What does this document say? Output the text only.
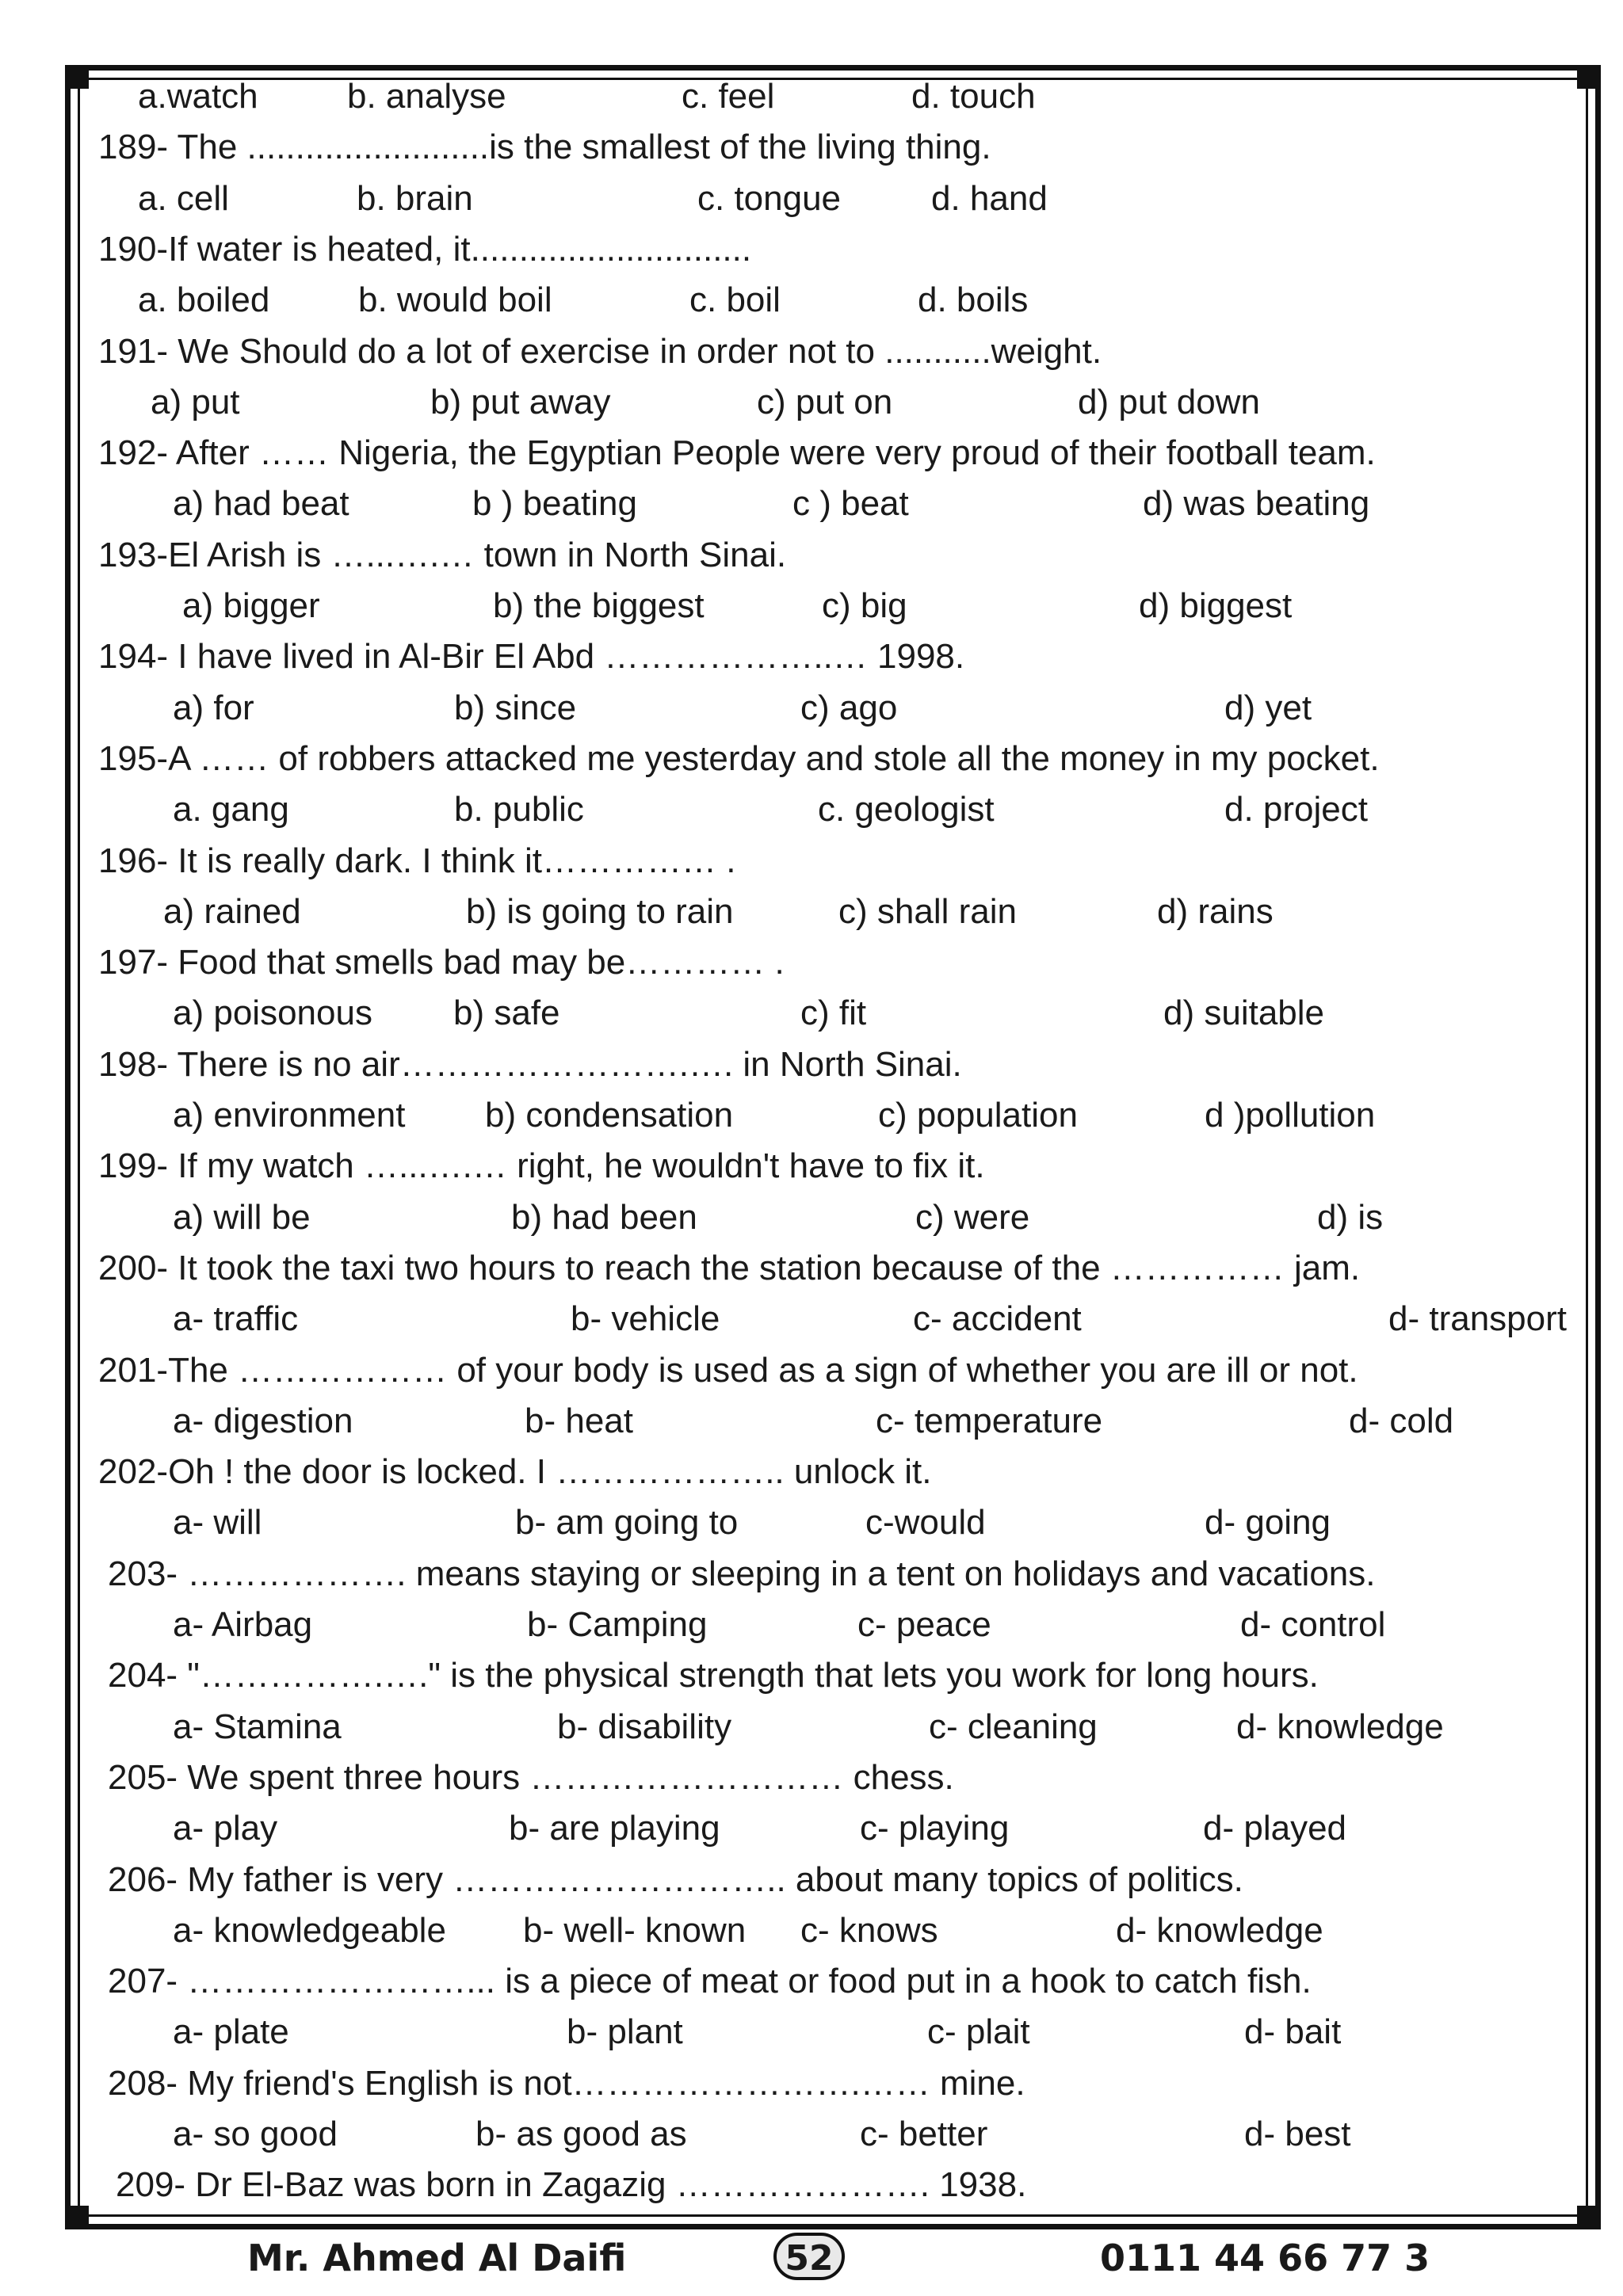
a.watch	b. analyse	c. feel	d. touch
189- The .........................is the smallest of the living thing.
a. cell	b. brain	c. tongue	d. hand
190-If water is heated, it.............................
a. boiled	b. would boil	c. boil	d. boils
191- We Should do a lot of exercise in order not to ...........weight.
a) put	b) put away	c) put on	d) put down
192- After …… Nigeria, the Egyptian People were very proud of their football team.
a) had beat	b ) beating	c ) beat	d) was beating
193-El Arish is …...….… town in North Sinai.
a) bigger	b) the biggest	c) big	d) biggest
194- I have lived in Al-Bir El Abd ………………..… 1998.
a) for	b) since	c) ago	d) yet
195-A …… of robbers attacked me yesterday and stole all the money in my pocket.
a. gang	b. public	c. geologist	d. project
196- It is really dark. I think it…………… .
a) rained	b) is going to rain	c) shall rain	d) rains
197- Food that smells bad may be………… .
a) poisonous b) safe	c) fit	d) suitable
198- There is no air…………………….…. in North Sinai.
a) environment b) condensation	c) population	d )pollution
199- If my watch …...….… right, he wouldn't have to fix it.
a) will be	b) had been	c) were	d) is
200- It took the taxi two hours to reach the station because of the …………… jam.
a- traffic	b- vehicle	c- accident	d- transport
201-The ……………… of your body is used as a sign of whether you are ill or not.
a- digestion	b- heat	c- temperature	d- cold
202-Oh ! the door is locked. I ……………….. unlock it.
a- will	b- am going to	c-would	d- going
203- ………………. means staying or sleeping in a tent on holidays and vacations.
a- Airbag	b- Camping	c- peace	d- control
204- "…………….…." is the physical strength that lets you work for long hours.
a- Stamina	b- disability	c- cleaning	d- knowledge
205- We spent three hours ……………………… chess.
a- play	b- are playing	c- playing	d- played
206- My father is very ……………………….. about many topics of politics.
a- knowledgeable b- well- known c- knows	d- knowledge
207- ……………………... is a piece of meat or food put in a hook to catch fish.
a- plate	b- plant	c- plait	d- bait
208- My friend's English is not…………………….…… mine.
a- so good	b- as good as	c- better	d- best
209- Dr El-Baz was born in Zagazig …………………. 1938.
Mr. Ahmed Al Daifi	52	0111 44 66 77 3
